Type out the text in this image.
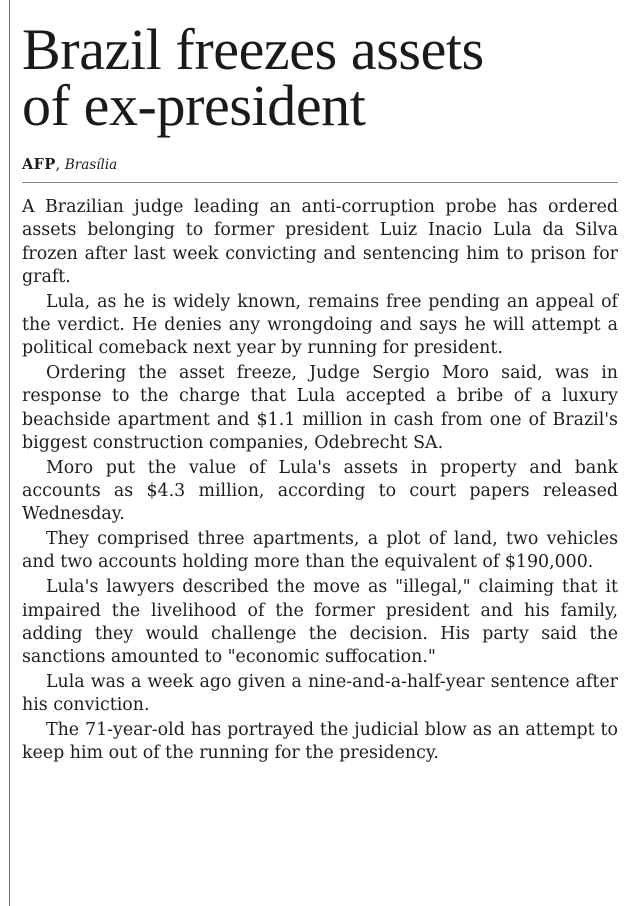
Brazil freezes assets
of ex-president
AFP, Brasília

A Brazilian judge leading an anti-corruption probe has ordered assets belonging to former president Luiz Inacio Lula da Silva frozen after last week convicting and sentencing him to prison for graft.

Lula, as he is widely known, remains free pending an appeal of the verdict. He denies any wrongdoing and says he will attempt a political comeback next year by running for president.

Ordering the asset freeze, Judge Sergio Moro said, was in response to the charge that Lula accepted a bribe of a luxury beachside apartment and $1.1 million in cash from one of Brazil's biggest construction companies, Odebrecht SA.

Moro put the value of Lula's assets in property and bank accounts as $4.3 million, according to court papers released Wednesday.

They comprised three apartments, a plot of land, two vehicles and two accounts holding more than the equivalent of $190,000.

Lula's lawyers described the move as "illegal," claiming that it impaired the livelihood of the former president and his family, adding they would challenge the decision. His party said the sanctions amounted to "economic suffocation."

Lula was a week ago given a nine-and-a-half-year sentence after his conviction.

The 71-year-old has portrayed the judicial blow as an attempt to keep him out of the running for the presidency.
